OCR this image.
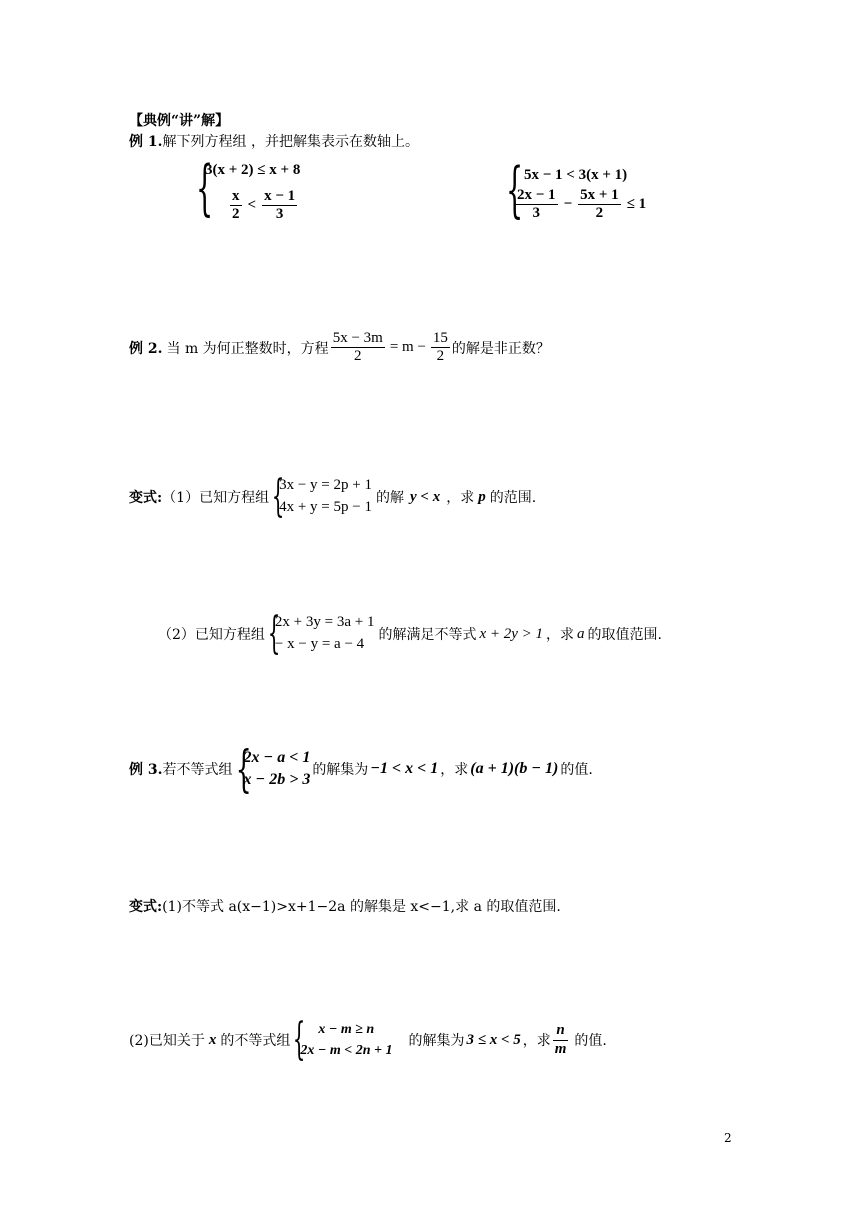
【典例“讲”解】
例 1.解下列方程组 ，并把解集表示在数轴上。
{
3(x + 2) ≤ x + 8
$\frac{x}{2} < \frac{x - 1}{3}$	{ 5x − 1 < 3(x + 1)
$\frac{2x - 1}{3} - \frac{5x + 1}{2} \le 1$
例 2. 当 m 为何正整数时，方程 $\frac{5x - 3m}{2} = m - \frac{15}{2}$ 的解是非正数？
变式: （1）已知方程组 {
3x − y = 2p + 1
4x + y = 5p − 1
的解 y < x ，求 p 的范围.
（2）已知方程组 {
2x + 3y = 3a + 1
− x − y = a − 4
的解满足不等式 x + 2y > 1 ，求 a 的取值范围.
例 3. 若不等式组 {
2x − a < 1
x − 2b > 3
的解集为 −1 < x < 1 ，求 (a + 1)(b − 1) 的值.
变式:(1)不等式 a(x−1)>x+1−2a 的解集是 x<−1,求 a 的取值范围.
(2)已知关于 x 的不等式组 { x − m ≥ n
2x − m < 2n + 1
的解集为 3 ≤ x < 5 ，求 $\frac{n}{m}$ 的值.
2
